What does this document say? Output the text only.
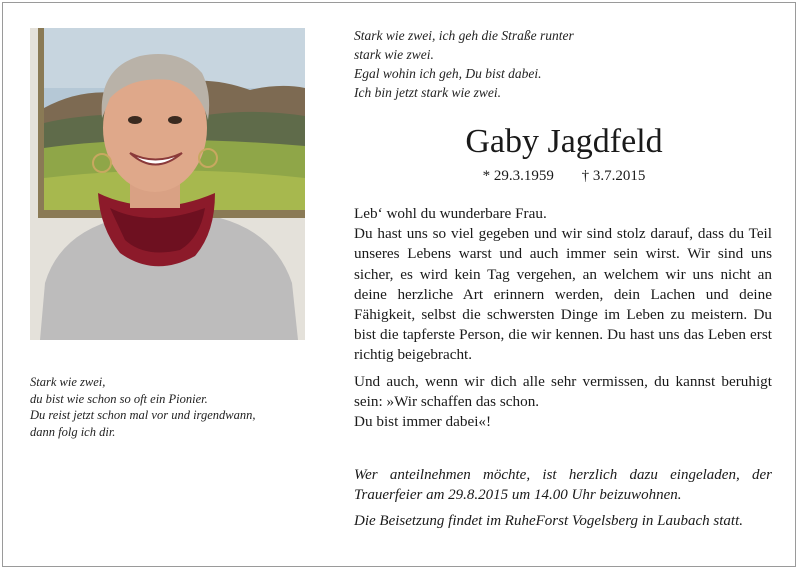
Stark wie zwei,
du bist wie schon so oft ein Pionier.
Du reist jetzt schon mal vor und irgendwann,
dann folg ich dir.
Stark wie zwei, ich geh die Straße runter
stark wie zwei.
Egal wohin ich geh, Du bist dabei.
Ich bin jetzt stark wie zwei.
Gaby Jagdfeld
* 29.3.1959 † 3.7.2015

Leb‘ wohl du wunderbare Frau.
Du hast uns so viel gegeben und wir sind stolz darauf, dass du Teil unseres Lebens warst und auch immer sein wirst. Wir sind uns sicher, es wird kein Tag vergehen, an welchem wir uns nicht an deine herzliche Art erinnern werden, dein Lachen und deine Fähigkeit, selbst die schwersten Dinge im Leben zu meistern. Du bist die tapferste Person, die wir kennen. Du hast uns das Leben erst richtig beigebracht.

Und auch, wenn wir dich alle sehr vermissen, du kannst beruhigt sein: »Wir schaffen das schon.
Du bist immer dabei«!

Wer anteilnehmen möchte, ist herzlich dazu eingeladen, der Trauerfeier am 29.8.2015 um 14.00 Uhr beizuwohnen.

Die Beisetzung findet im RuheForst Vogelsberg in Laubach statt.
